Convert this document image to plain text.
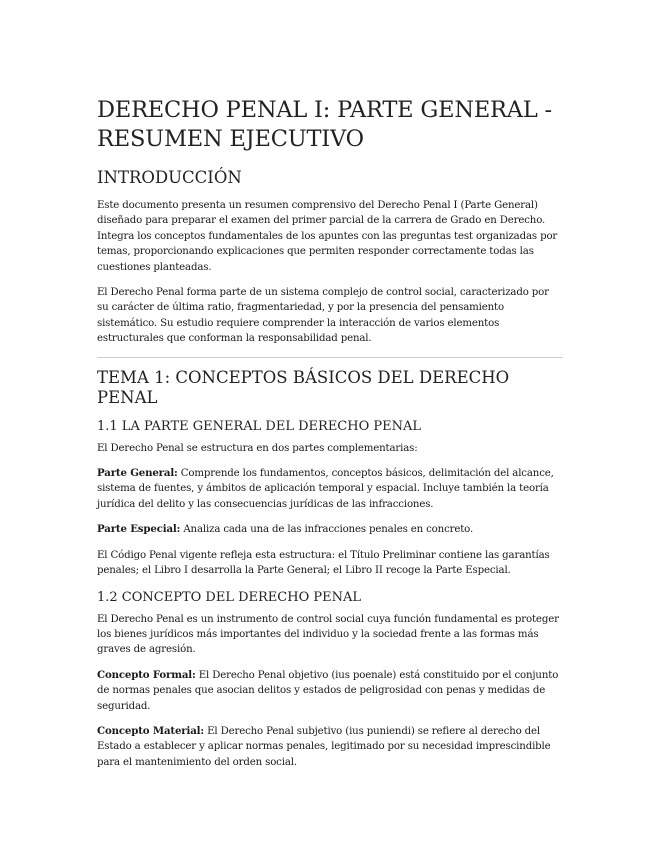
DERECHO PENAL I: PARTE GENERAL - RESUMEN EJECUTIVO
INTRODUCCIÓN

Este documento presenta un resumen comprensivo del Derecho Penal I (Parte General) diseñado para preparar el examen del primer parcial de la carrera de Grado en Derecho. Integra los conceptos fundamentales de los apuntes con las preguntas test organizadas por temas, proporcionando explicaciones que permiten responder correctamente todas las cuestiones planteadas.

El Derecho Penal forma parte de un sistema complejo de control social, caracterizado por su carácter de última ratio, fragmentariedad, y por la presencia del pensamiento sistemático. Su estudio requiere comprender la interacción de varios elementos estructurales que conforman la responsabilidad penal.

TEMA 1: CONCEPTOS BÁSICOS DEL DERECHO PENAL
1.1 LA PARTE GENERAL DEL DERECHO PENAL

El Derecho Penal se estructura en dos partes complementarias:

Parte General: Comprende los fundamentos, conceptos básicos, delimitación del alcance, sistema de fuentes, y ámbitos de aplicación temporal y espacial. Incluye también la teoría jurídica del delito y las consecuencias jurídicas de las infracciones.

Parte Especial: Analiza cada una de las infracciones penales en concreto.

El Código Penal vigente refleja esta estructura: el Título Preliminar contiene las garantías penales; el Libro I desarrolla la Parte General; el Libro II recoge la Parte Especial.

1.2 CONCEPTO DEL DERECHO PENAL

El Derecho Penal es un instrumento de control social cuya función fundamental es proteger los bienes jurídicos más importantes del individuo y la sociedad frente a las formas más graves de agresión.

Concepto Formal: El Derecho Penal objetivo (ius poenale) está constituido por el conjunto de normas penales que asocian delitos y estados de peligrosidad con penas y medidas de seguridad.

Concepto Material: El Derecho Penal subjetivo (ius puniendi) se refiere al derecho del Estado a establecer y aplicar normas penales, legitimado por su necesidad imprescindible para el mantenimiento del orden social.
